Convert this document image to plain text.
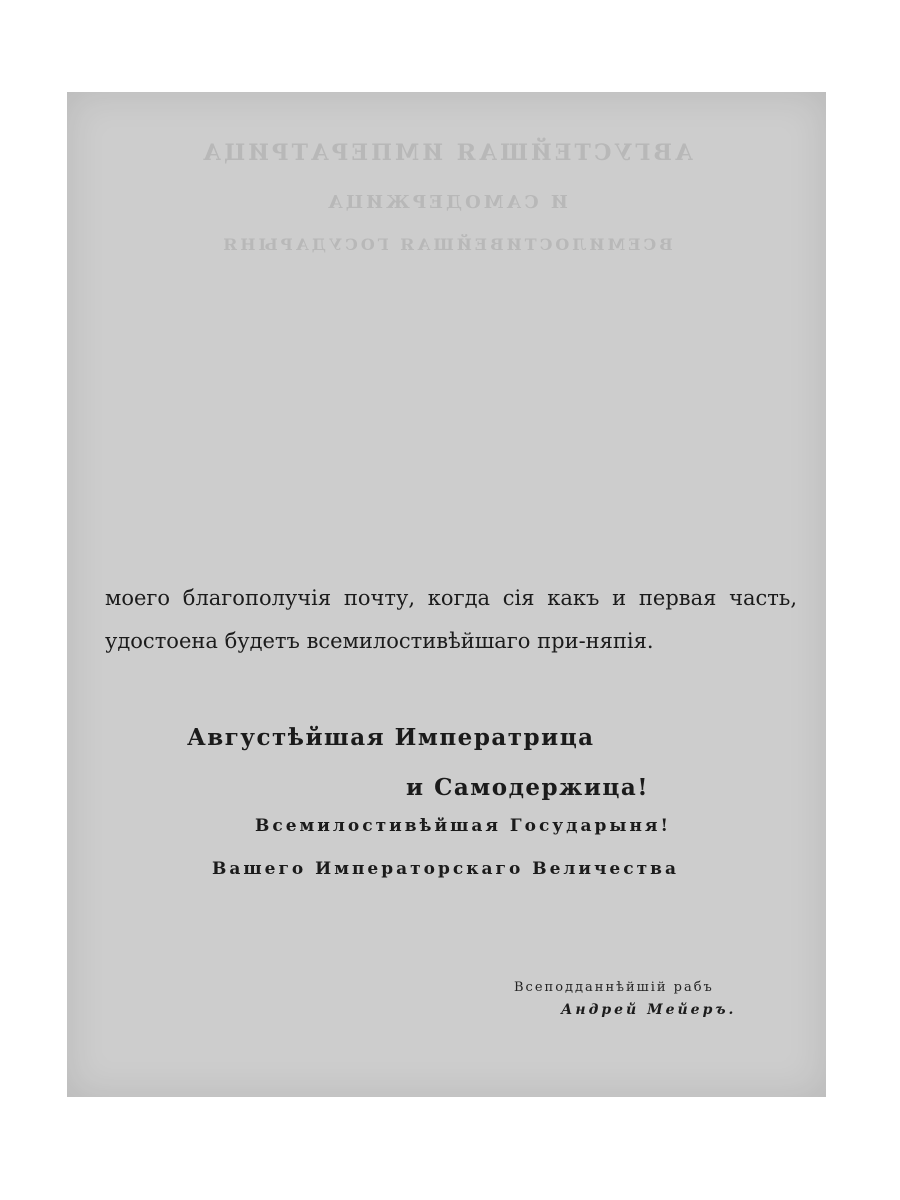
АВГУСТЕЙШАЯ ИМПЕРАТРИЦА
И САМОДЕРЖИЦА
ВСЕМИЛОСТИВЕЙШАЯ ГОСУДАРЫНЯ
моего благополучія почту, когда сія какъ и первая часть, удостоена будетъ всемилостивѣйшаго при-няпія.
Августѣйшая Императрица
и Самодержица!
Всемилостивѣйшая Государыня!
Вашего Императорскаго Величества
Всеподданнѣйшій рабъ
Андрей Мейеръ.
